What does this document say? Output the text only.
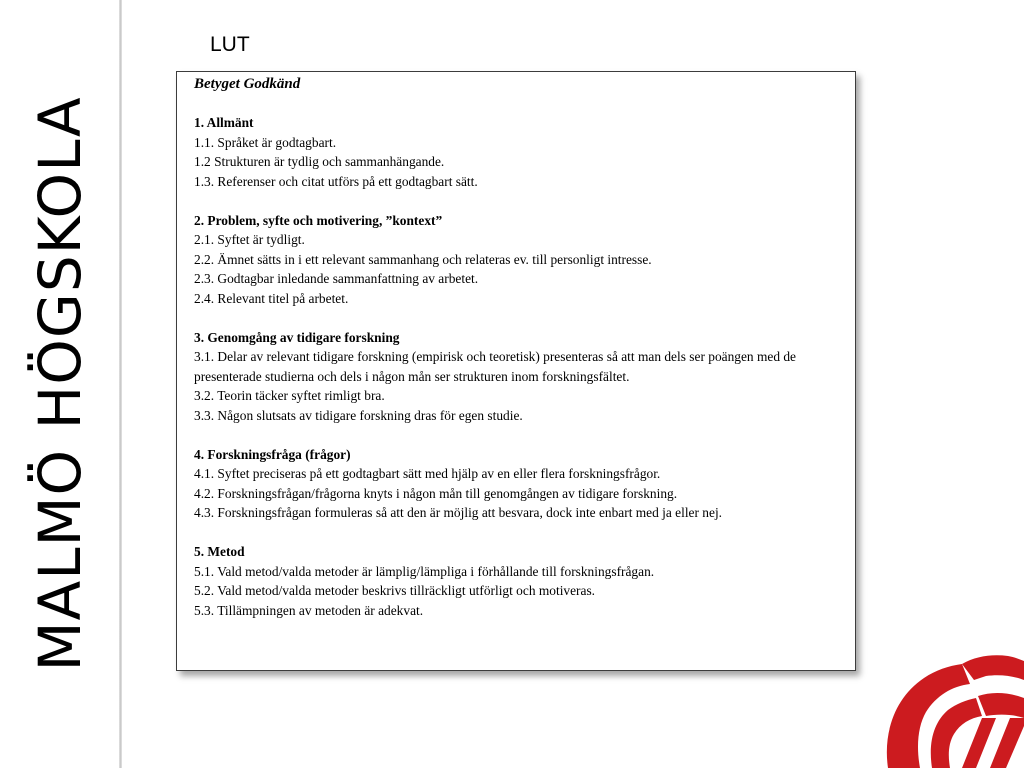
MALMÖ HÖGSKOLA
LUT
Betyget Godkänd
1. Allmänt
1.1. Språket är godtagbart.
1.2 Strukturen är tydlig och sammanhängande.
1.3. Referenser och citat utförs på ett godtagbart sätt.
2. Problem, syfte och motivering, ”kontext”
2.1. Syftet är tydligt.
2.2. Ämnet sätts in i ett relevant sammanhang och relateras ev. till personligt intresse.
2.3. Godtagbar inledande sammanfattning av arbetet.
2.4. Relevant titel på arbetet.
3. Genomgång av tidigare forskning
3.1. Delar av relevant tidigare forskning (empirisk och teoretisk) presenteras så att man dels ser poängen med de presenterade studierna och dels i någon mån ser strukturen inom forskningsfältet.
3.2. Teorin täcker syftet rimligt bra.
3.3. Någon slutsats av tidigare forskning dras för egen studie.
4. Forskningsfråga (frågor)
4.1. Syftet preciseras på ett godtagbart sätt med hjälp av en eller flera forskningsfrågor.
4.2. Forskningsfrågan/frågorna knyts i någon mån till genomgången av tidigare forskning.
4.3. Forskningsfrågan formuleras så att den är möjlig att besvara, dock inte enbart med ja eller nej.
5. Metod
5.1. Vald metod/valda metoder är lämplig/lämpliga i förhållande till forskningsfrågan.
5.2. Vald metod/valda metoder beskrivs tillräckligt utförligt och motiveras.
5.3. Tillämpningen av metoden är adekvat.
